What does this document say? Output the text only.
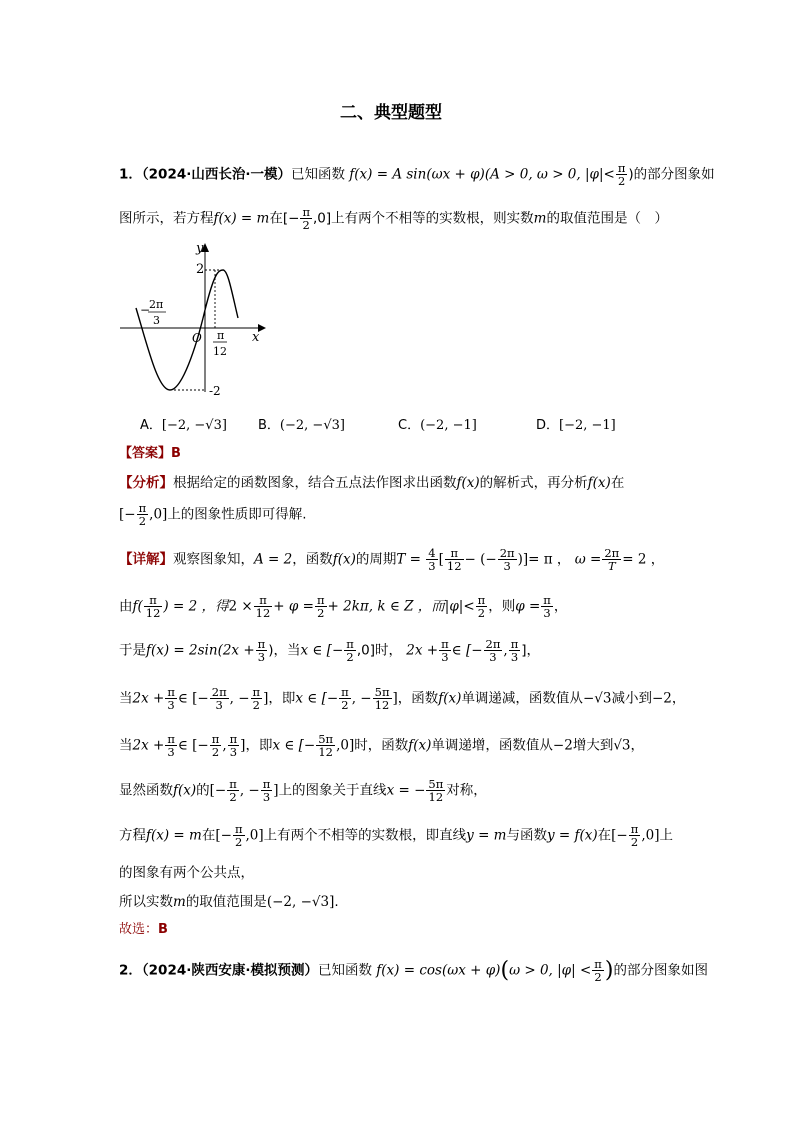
二、典型题型
1．（2024·山西长治·一模）已知函数 f(x) = A sin(ωx + φ)(A > 0, ω > 0, $|\varphi|< \frac{\pi}{2}$ )的部分图象如
图所示，若方程f(x) = m在[− $\frac{\pi}{2} ,0$]上有两个不相等的实数根，则实数m的取值范围是（　）
y
x
O
2
-2
−
2π
3
π
12
A．[−2, −√3] B．(−2, −√3]	C．(−2, −1]	D．[−2, −1]
【答案】B
【分析】根据给定的函数图象，结合五点法作图求出函数f(x)的解析式，再分析f(x)在
[− $\frac{\pi}{2} ,0$]上的图象性质即可得解.
【详解】观察图象知，A = 2，函数f(x)的周期$T = \frac{4}{3}$ [ $\frac{\pi}{12}$ − (− $\frac{2\pi}{3}$ )]= π ， $\omega = \frac{2\pi}{T} = 2$ ，
由$f( \frac{\pi}{12}$ ) = 2 ，得$2 \times \frac{\pi}{12} + \varphi = \frac{\pi}{2} + 2k\pi$, k ∈ Z ，而$|\varphi|< \frac{\pi}{2}$ ，则$\varphi = \frac{\pi}{3}$ ，
于是$f(x) = 2\sin(2x + \frac{\pi}{3}$ )，当x ∈ [− $\frac{\pi}{2} ,0$]时， $2x + \frac{\pi}{3}$ ∈ [− $\frac{2\pi}{3}$ , $\frac{\pi}{3}$ ]，
当$2x + \frac{\pi}{3}$ ∈ [− $\frac{2\pi}{3}$ , − $\frac{\pi}{2}$ ]，即x ∈ [− $\frac{\pi}{2}$ , − $\frac{5\pi}{12}$ ]，函数f(x)单调递减，函数值从−√3减小到−2，
当$2x + \frac{\pi}{3}$ ∈ [− $\frac{\pi}{2}$ , $\frac{\pi}{3}$ ]，即x ∈ [− $\frac{5\pi}{12} ,0$]时，函数f(x)单调递增，函数值从−2增大到√3，
显然函数f(x)的[− $\frac{\pi}{2}$ , − $\frac{\pi}{3}$ ]上的图象关于直线x = − $\frac{5\pi}{12}$ 对称，
方程f(x) = m在[− $\frac{\pi}{2} ,0$]上有两个不相等的实数根，即直线y = m与函数y = f(x)在[− $\frac{\pi}{2} ,0$]上
的图象有两个公共点，
所以实数m的取值范围是(−2, −√3].
故选：B
2．（2024·陕西安康·模拟预测）已知函数 f(x) = cos(ωx + φ)(ω > 0, $|\varphi| < \frac{\pi}{2}$ )的部分图象如图
